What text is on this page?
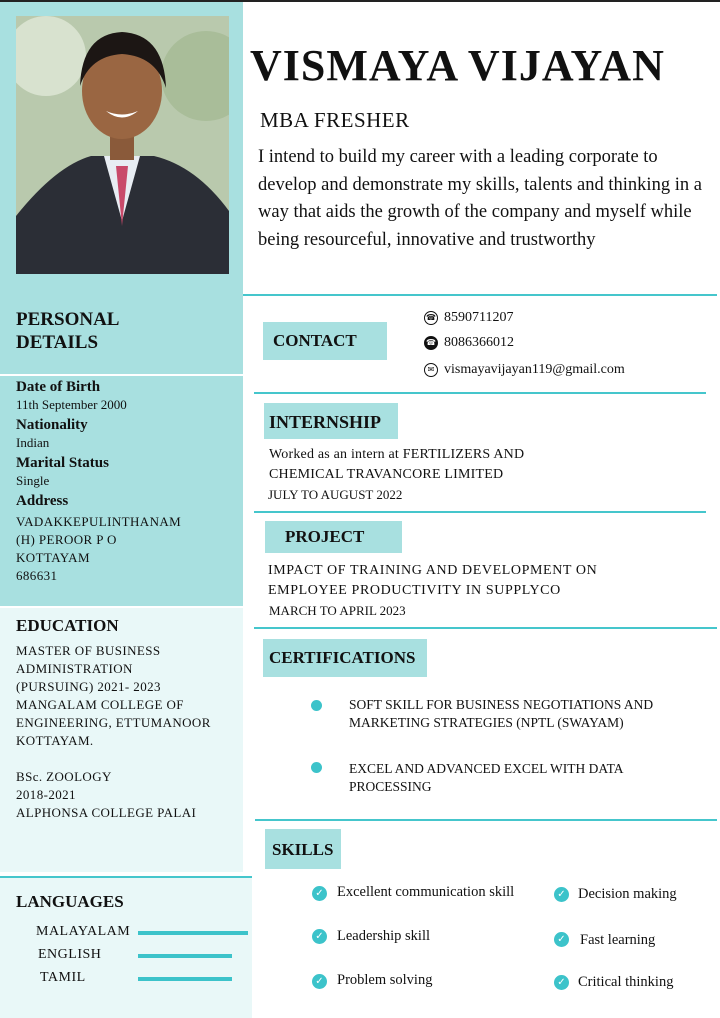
PERSONAL
DETAILS
Date of Birth
11th September 2000
Nationality
Indian
Marital Status
Single
Address
VADAKKEPULINTHANAM
(H) PEROOR P O
KOTTAYAM
686631
EDUCATION
MASTER OF BUSINESS
ADMINISTRATION
(PURSUING) 2021- 2023
MANGALAM COLLEGE OF
ENGINEERING, ETTUMANOOR
KOTTAYAM.
BSc. ZOOLOGY
2018-2021
ALPHONSA COLLEGE PALAI
LANGUAGES
MALAYALAM
ENGLISH
TAMIL
VISMAYA VIJAYAN
MBA FRESHER
I intend to build my career with a leading corporate to develop and demonstrate my skills, talents and thinking in a way that aids the growth of the company and myself while being resourceful, innovative and trustworthy
CONTACT
☎ 8590711207
☎ 8086366012
✉ vismayavijayan119@gmail.com
INTERNSHIP
Worked as an intern at FERTILIZERS AND
CHEMICAL TRAVANCORE LIMITED
JULY TO AUGUST 2022
PROJECT
IMPACT OF TRAINING AND DEVELOPMENT ON
EMPLOYEE PRODUCTIVITY IN SUPPLYCO
MARCH TO APRIL 2023
CERTIFICATIONS
SOFT SKILL FOR BUSINESS NEGOTIATIONS AND
MARKETING STRATEGIES (NPTL (SWAYAM)
EXCEL AND ADVANCED EXCEL WITH DATA
PROCESSING
SKILLS
✓ Excellent communication skill
✓ Leadership skill
✓ Problem solving
✓ Decision making
✓ Fast learning
✓ Critical thinking
